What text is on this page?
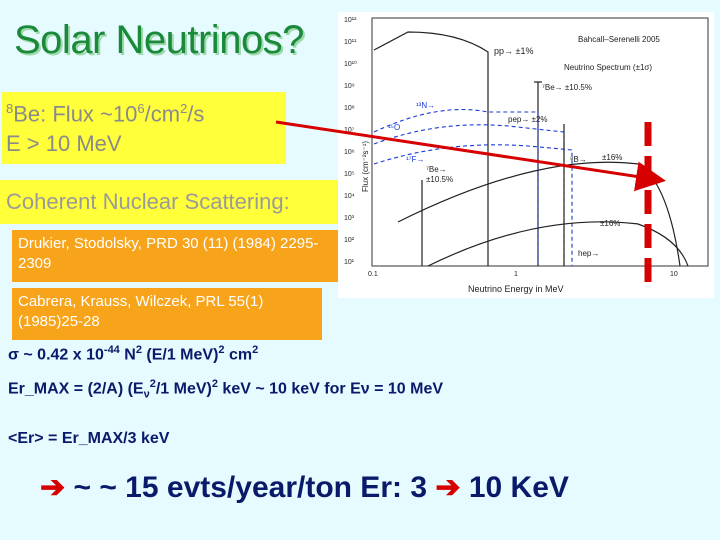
Solar Neutrinos?
$^8$Be: Flux $\sim 10^6/cm^2/s$
E > 10 MeV
Coherent Nuclear Scattering:
Drukier, Stodolsky, PRD 30 (11) (1984) 2295-2309
Cabrera, Krauss, Wilczek, PRL 55(1) (1985)25-28
σ ~ 0.42 x $10^{-44}$ $N^2$ (E/1 MeV)$^2$ $cm^2$
Er_MAX = (2/A) ($E_\nu^2/1$ MeV)$^2$ keV ~ 10 keV for Eν = 10 MeV
<Er> = Er_MAX/3 keV
➔ ~ ~ 15 evts/year/ton Er: 3 ➔ 10 KeV
10¹²
10¹¹
10¹⁰
10⁹
10⁸
10⁷
10⁶
10⁵
10⁴
10³
10²
10¹
0.1	1	10
Neutrino Energy in MeV
Bahcall–Serenelli 2005
Neutrino Spectrum (±1σ)
Flux (cm⁻²s⁻¹)
pp→ ±1%
⁷Be→ ±10.5%
¹³N→
¹⁵O
¹⁷F→
pep→ ±2%
⁷Be→
±10.5%
⁸B→ ±16%
hep→
±16%
